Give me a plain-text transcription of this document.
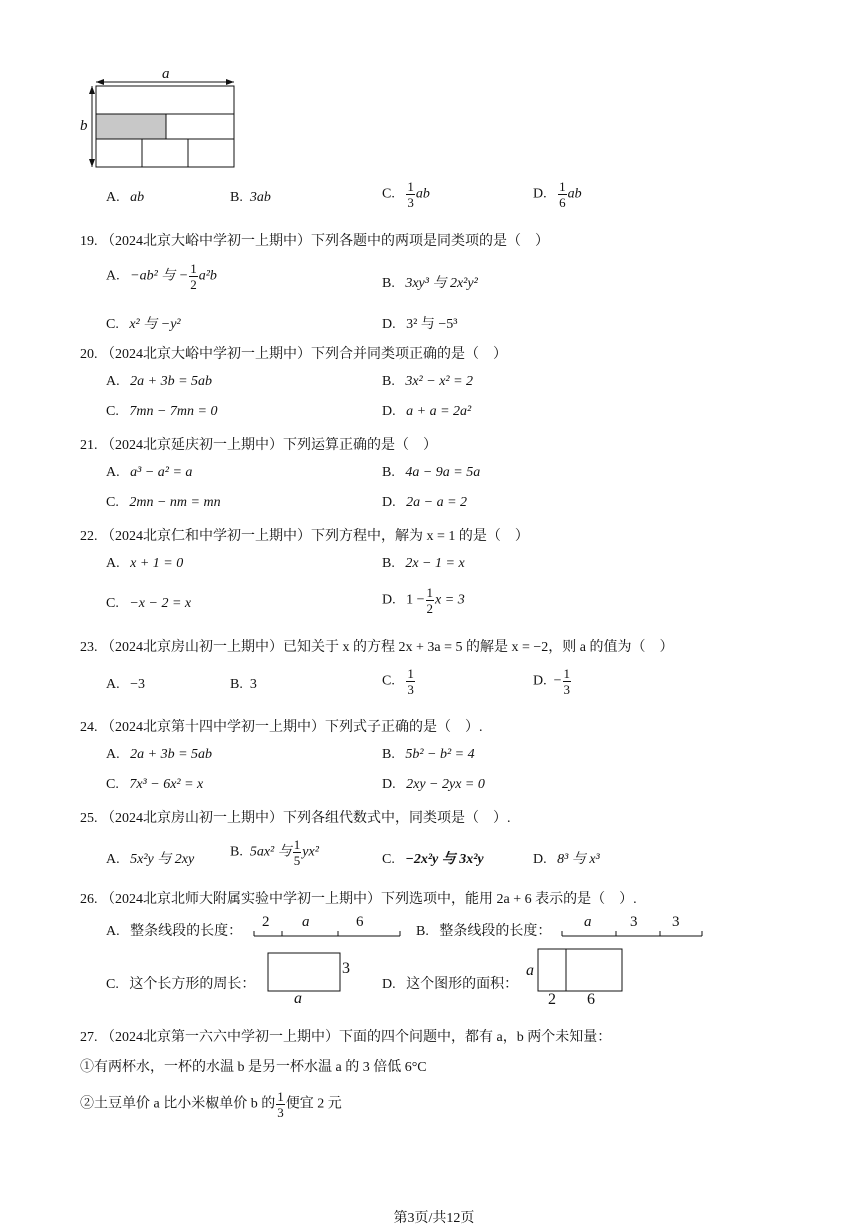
a
b
A. ab	B. 3ab	C. $\frac{1}{3}$ ab	D. $\frac{1}{6}$ ab
19. （2024北京大峪中学初一上期中）下列各题中的两项是同类项的是（　）
A. −ab² 与 − $\frac{1}{2} a^2b$	B. 3xy³ 与 2x²y²
C. x² 与 −y²	D. 3² 与 −5³
20. （2024北京大峪中学初一上期中）下列合并同类项正确的是（　）
A. 2a + 3b = 5ab	B. 3x² − x² = 2
C. 7mn − 7mn = 0	D. a + a = 2a²
21. （2024北京延庆初一上期中）下列运算正确的是（　）
A. a³ − a² = a	B. 4a − 9a = 5a
C. 2mn − nm = mn	D. 2a − a = 2
22. （2024北京仁和中学初一上期中）下列方程中，解为 x = 1 的是（　）
A. x + 1 = 0	B. 2x − 1 = x
C. −x − 2 = x	D. $1 - \frac{1}{2}$ x = 3
23. （2024北京房山初一上期中）已知关于 x 的方程 2x + 3a = 5 的解是 x = −2，则 a 的值为（　）
A. −3	B. 3	C. $\frac{1}{3}$	D. − $\frac{1}{3}$
24. （2024北京第十四中学初一上期中）下列式子正确的是（　）.
A. 2a + 3b = 5ab	B. 5b² − b² = 4
C. 7x³ − 6x² = x	D. 2xy − 2yx = 0
25. （2024北京房山初一上期中）下列各组代数式中，同类项是（　）.
A. 5x²y 与 2xy	B. 5ax² 与 $\frac{1}{5} yx^2$	C. −2x²y 与 3x²y	D. 8³ 与 x³
26. （2024北京北师大附属实验中学初一上期中）下列选项中，能用 2a + 6 表示的是（　）.
A. 整条线段的长度：
2 a	6
B. 整条线段的长度：
a	3 3
C. 这个长方形的周长：
3
a
D. 这个图形的面积：
a
2 6
27. （2024北京第一六六中学初一上期中）下面的四个问题中，都有 a，b 两个未知量：
①有两杯水，一杯的水温 b 是另一杯水温 a 的 3 倍低 6°C
②土豆单价 a 比小米椒单价 b 的 $\frac{1}{3}$ 便宜 2 元
第3页/共12页
